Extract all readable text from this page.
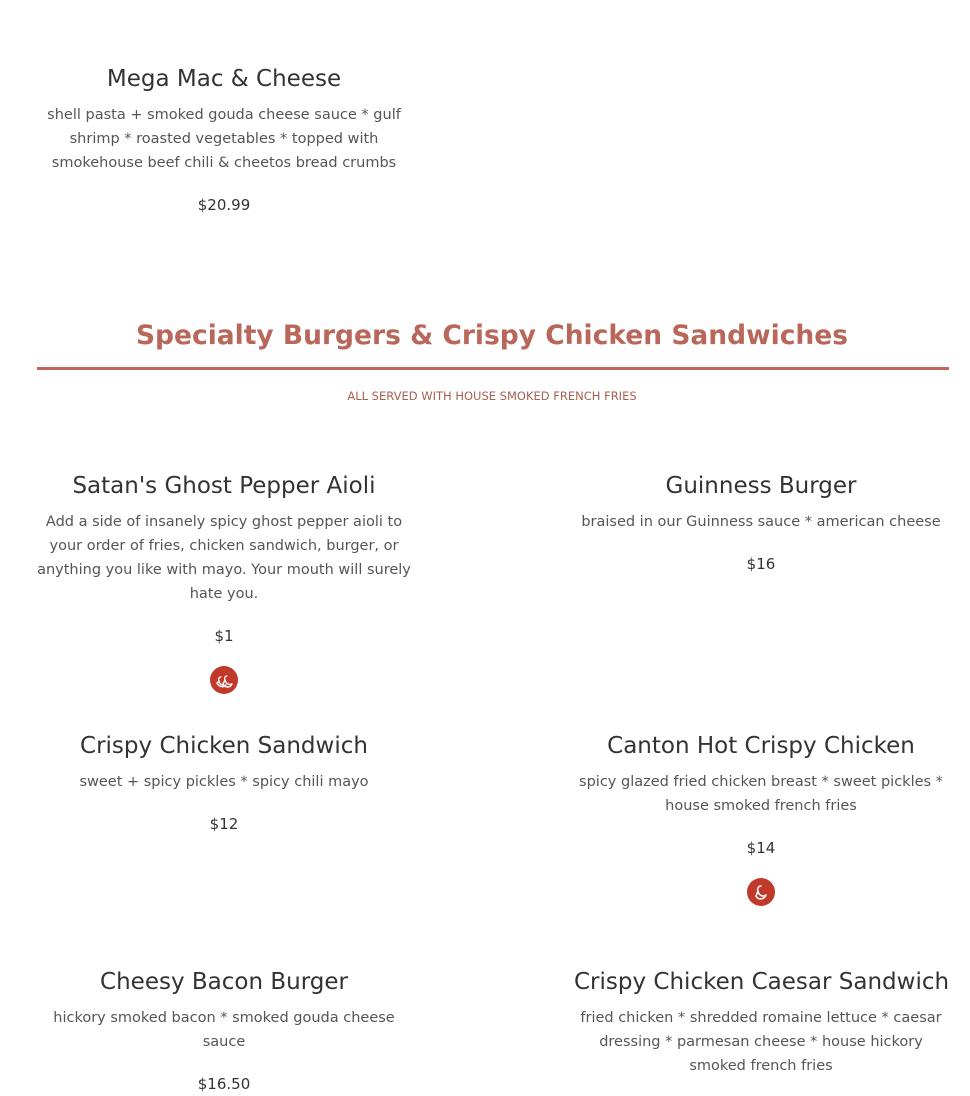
Mega Mac & Cheese

shell pasta + smoked gouda cheese sauce * gulf shrimp * roasted vegetables * topped with smokehouse beef chili & cheetos bread crumbs

$20.99

Specialty Burgers & Crispy Chicken Sandwiches
ALL SERVED WITH HOUSE SMOKED FRENCH FRIES
Satan's Ghost Pepper Aioli

Add a side of insanely spicy ghost pepper aioli to your order of fries, chicken sandwich, burger, or anything you like with mayo. Your mouth will surely hate you.

$1

Guinness Burger

braised in our Guinness sauce * american cheese

$16

Crispy Chicken Sandwich

sweet + spicy pickles * spicy chili mayo

$12

Canton Hot Crispy Chicken

spicy glazed fried chicken breast * sweet pickles * house smoked french fries

$14

Cheesy Bacon Burger

hickory smoked bacon * smoked gouda cheese sauce

$16.50

Crispy Chicken Caesar Sandwich

fried chicken * shredded romaine lettuce * caesar dressing * parmesan cheese * house hickory smoked french fries
